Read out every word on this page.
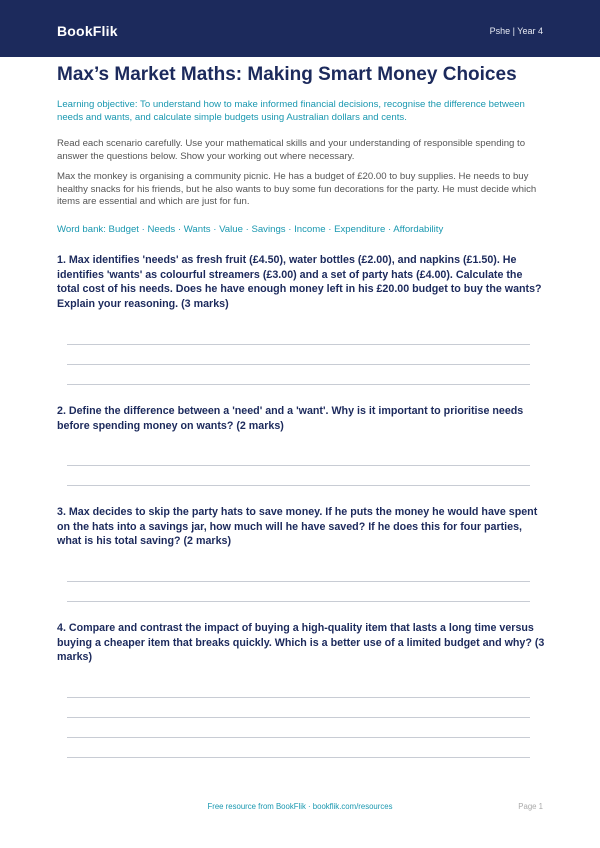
BookFlik	Pshe | Year 4
Max’s Market Maths: Making Smart Money Choices
Learning objective: To understand how to make informed financial decisions, recognise the difference between needs and wants, and calculate simple budgets using Australian dollars and cents.
Read each scenario carefully. Use your mathematical skills and your understanding of responsible spending to answer the questions below. Show your working out where necessary.
Max the monkey is organising a community picnic. He has a budget of £20.00 to buy supplies. He needs to buy healthy snacks for his friends, but he also wants to buy some fun decorations for the party. He must decide which items are essential and which are just for fun.
Word bank: Budget · Needs · Wants · Value · Savings · Income · Expenditure · Affordability
1. Max identifies 'needs' as fresh fruit (£4.50), water bottles (£2.00), and napkins (£1.50). He identifies 'wants' as colourful streamers (£3.00) and a set of party hats (£4.00). Calculate the total cost of his needs. Does he have enough money left in his £20.00 budget to buy the wants? Explain your reasoning. (3 marks)
2. Define the difference between a 'need' and a 'want'. Why is it important to prioritise needs before spending money on wants? (2 marks)
3. Max decides to skip the party hats to save money. If he puts the money he would have spent on the hats into a savings jar, how much will he have saved? If he does this for four parties, what is his total saving? (2 marks)
4. Compare and contrast the impact of buying a high-quality item that lasts a long time versus buying a cheaper item that breaks quickly. Which is a better use of a limited budget and why? (3 marks)
Free resource from BookFlik · bookflik.com/resources	Page 1
